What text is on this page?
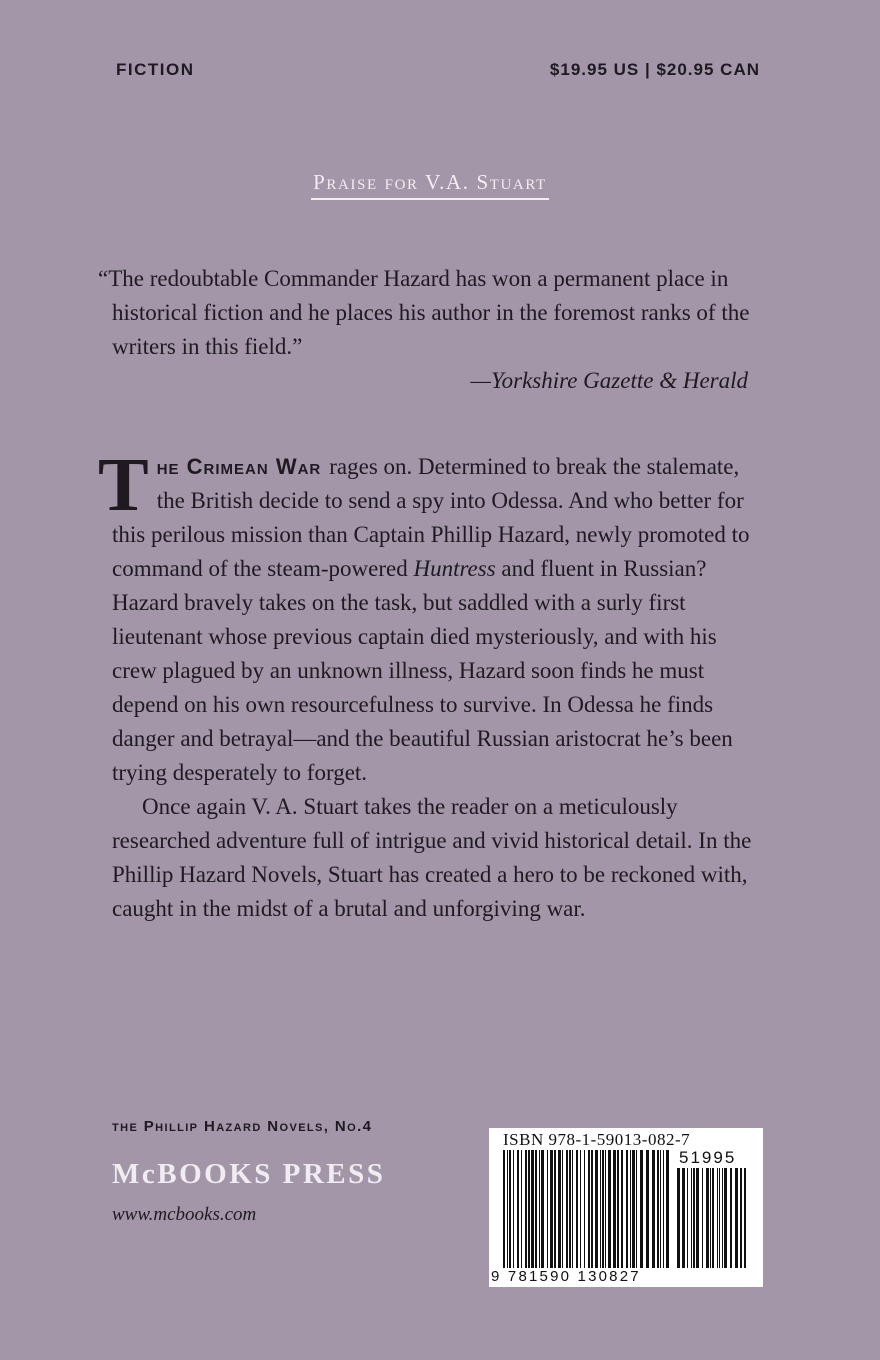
FICTION	$19.95 US | $20.95 CAN
Praise for V.A. Stuart
“The redoubtable Commander Hazard has won a permanent place in historical fiction and he places his author in the foremost ranks of the writers in this field.”
—Yorkshire Gazette & Herald

The Crimean War rages on. Determined to break the stalemate, the British decide to send a spy into Odessa. And who better for this perilous mission than Captain Phillip Hazard, newly promoted to command of the steam-powered Huntress and fluent in Russian? Hazard bravely takes on the task, but saddled with a surly first lieutenant whose previous captain died mysteriously, and with his crew plagued by an unknown illness, Hazard soon finds he must depend on his own resourcefulness to survive. In Odessa he finds danger and betrayal—and the beautiful Russian aristocrat he’s been trying desperately to forget.

Once again V. A. Stuart takes the reader on a meticulously researched adventure full of intrigue and vivid historical detail. In the Phillip Hazard Novels, Stuart has created a hero to be reckoned with, caught in the midst of a brutal and unforgiving war.

the Phillip Hazard Novels, No.4
McBOOKS PRESS
www.mcbooks.com
ISBN 978-1-59013-082-7
51995
9 781590 130827
